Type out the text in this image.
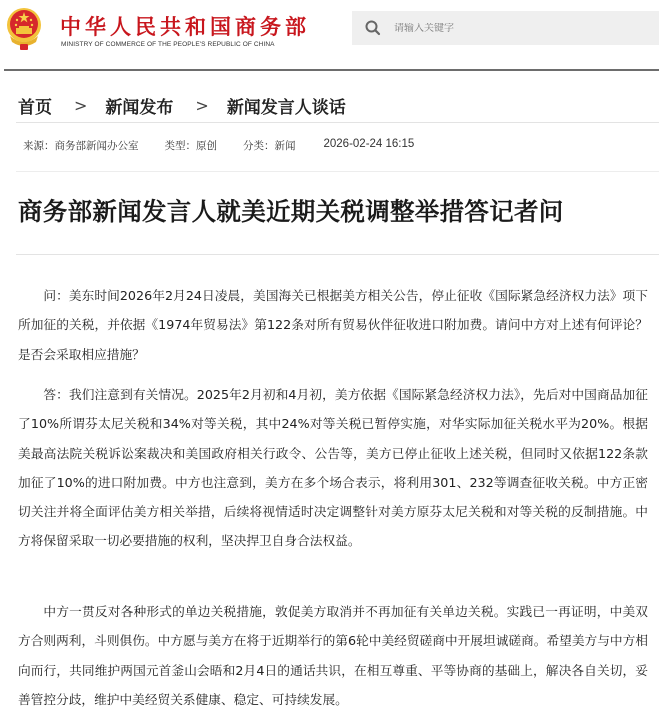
中华人民共和国商务部
MINISTRY OF COMMERCE OF THE PEOPLE'S REPUBLIC OF CHINA
请输入关键字
首页 > 新闻发布 > 新闻发言人谈话
来源：商务部新闻办公室 类型：原创 分类：新闻 2026-02-24 16:15
商务部新闻发言人就美近期关税调整举措答记者问

问：美东时间2026年2月24日凌晨，美国海关已根据美方相关公告，停止征收《国际紧急经济权力法》项下所加征的关税，并依据《1974年贸易法》第122条对所有贸易伙伴征收进口附加费。请问中方对上述有何评论？是否会采取相应措施？

答：我们注意到有关情况。2025年2月初和4月初，美方依据《国际紧急经济权力法》，先后对中国商品加征了10%所谓芬太尼关税和34%对等关税，其中24%对等关税已暂停实施，对华实际加征关税水平为20%。根据美最高法院关税诉讼案裁决和美国政府相关行政令、公告等，美方已停止征收上述关税，但同时又依据122条款加征了10%的进口附加费。中方也注意到，美方在多个场合表示，将利用301、232等调查征收关税。中方正密切关注并将全面评估美方相关举措，后续将视情适时决定调整针对美方原芬太尼关税和对等关税的反制措施。中方将保留采取一切必要措施的权利，坚决捍卫自身合法权益。

中方一贯反对各种形式的单边关税措施，敦促美方取消并不再加征有关单边关税。实践已一再证明，中美双方合则两利，斗则俱伤。中方愿与美方在将于近期举行的第6轮中美经贸磋商中开展坦诚磋商。希望美方与中方相向而行，共同维护两国元首釜山会晤和2月4日的通话共识，在相互尊重、平等协商的基础上，解决各自关切，妥善管控分歧，维护中美经贸关系健康、稳定、可持续发展。
